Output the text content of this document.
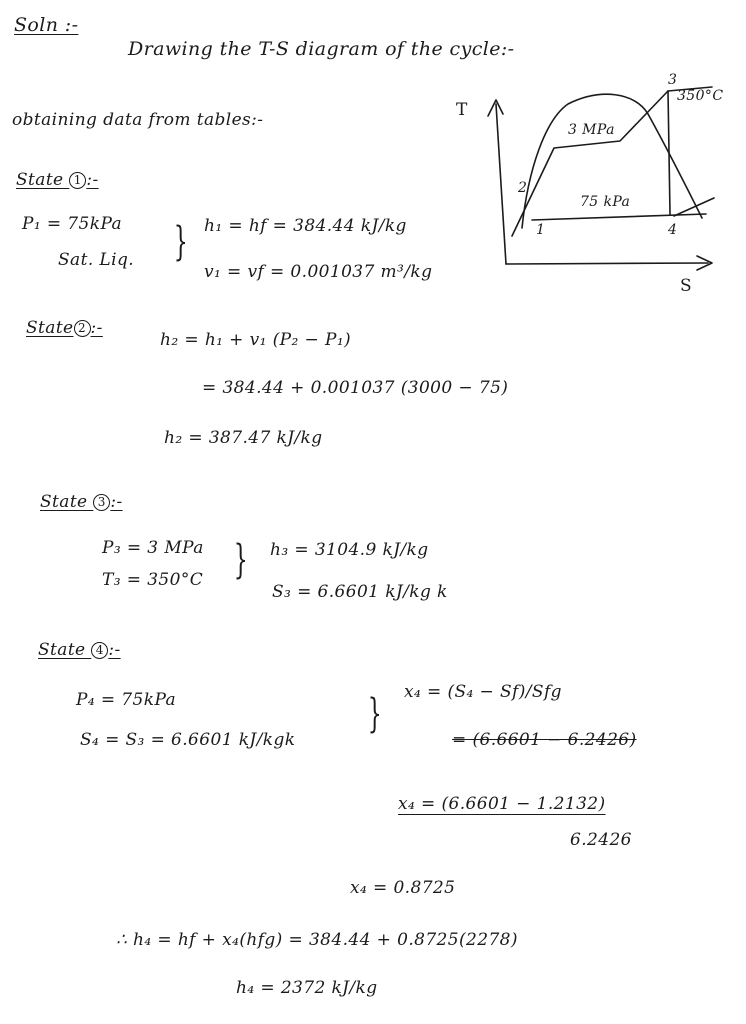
Soln :-
Drawing the T-S diagram of the cycle:-
obtaining data from tables:-	T
S
3 MPa
75 kPa
350°C
1
2
3
4
State 1 :-
P₁ = 75kPa
Sat. Liq. } h₁ = hf = 384.44 kJ/kg
v₁ = vf = 0.001037 m³/kg
State 2 :-
h₂ = h₁ + v₁ (P₂ − P₁)
= 384.44 + 0.001037 (3000 − 75)
h₂ = 387.47 kJ/kg
State 3 :-
P₃ = 3 MPa
T₃ = 350°C } h₃ = 3104.9 kJ/kg
S₃ = 6.6601 kJ/kg k
State 4 :-
P₄ = 75kPa
S₄ = S₃ = 6.6601 kJ/kgk
} x₄ = (S₄ − Sf)/Sfg
= (6.6601 − 6.2426)
x₄ = (6.6601 − 1.2132)
6.2426
x₄ = 0.8725
∴ h₄ = hf + x₄(hfg) = 384.44 + 0.8725(2278)
h₄ = 2372 kJ/kg
